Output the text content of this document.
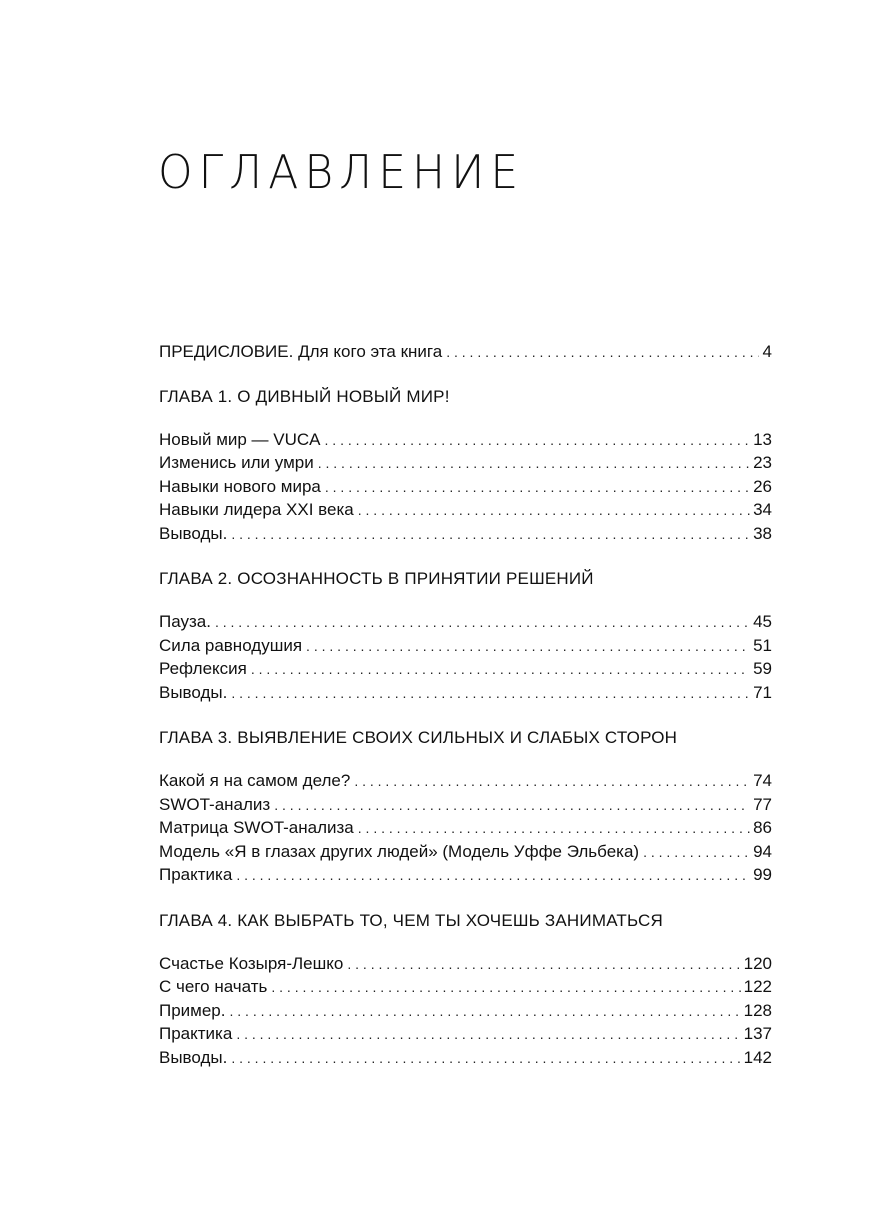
ОГЛАВЛЕНИЕ
ПРЕДИСЛОВИЕ. Для кого эта книга . . .	4
ГЛАВА 1. О ДИВНЫЙ НОВЫЙ МИР!
Новый мир — VUCA . . .	13
Изменись или умри . . .	23
Навыки нового мира . . .	26
Навыки лидера XXI века . . .	34
Выводы. . . .	38
ГЛАВА 2. ОСОЗНАННОСТЬ В ПРИНЯТИИ РЕШЕНИЙ
Пауза. . . .	45
Сила равнодушия . . .	51
Рефлексия . . .	59
Выводы. . . .	71
ГЛАВА 3. ВЫЯВЛЕНИЕ СВОИХ СИЛЬНЫХ И СЛАБЫХ СТОРОН
Какой я на самом деле? . . .	74
SWOT-анализ . . .	77
Матрица SWOT-анализа . . .	86
Модель «Я в глазах других людей» (Модель Уффе Эльбека) . . .	94
Практика . . .	99
ГЛАВА 4. КАК ВЫБРАТЬ ТО, ЧЕМ ТЫ ХОЧЕШЬ ЗАНИМАТЬСЯ
Счастье Козыря-Лешко . . .	120
С чего начать . . .	122
Пример. . . .	128
Практика . . .	137
Выводы. . . .	142
